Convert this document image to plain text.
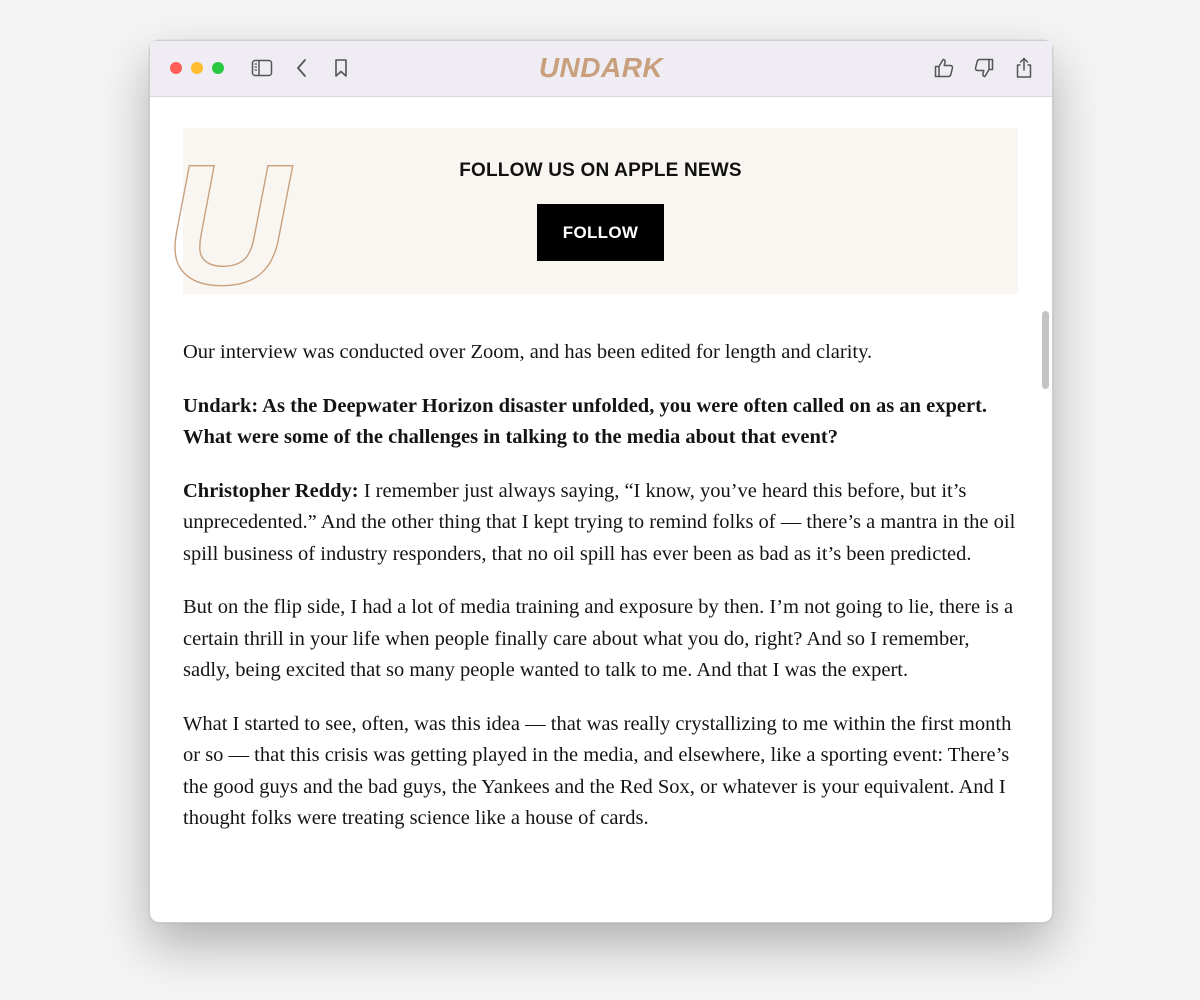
UNDARK
U	FOLLOW US ON APPLE NEWS
FOLLOW

Our interview was conducted over Zoom, and has been edited for length and clarity.

Undark: As the Deepwater Horizon disaster unfolded, you were often called on as an expert. What were some of the challenges in talking to the media about that event?

Christopher Reddy: I remember just always saying, “I know, you’ve heard this before, but it’s unprecedented.” And the other thing that I kept trying to remind folks of — there’s a mantra in the oil spill business of industry responders, that no oil spill has ever been as bad as it’s been predicted.

But on the flip side, I had a lot of media training and exposure by then. I’m not going to lie, there is a certain thrill in your life when people finally care about what you do, right? And so I remember, sadly, being excited that so many people wanted to talk to me. And that I was the expert.

What I started to see, often, was this idea — that was really crystallizing to me within the first month or so — that this crisis was getting played in the media, and elsewhere, like a sporting event: There’s the good guys and the bad guys, the Yankees and the Red Sox, or whatever is your equivalent. And I thought folks were treating science like a house of cards.
